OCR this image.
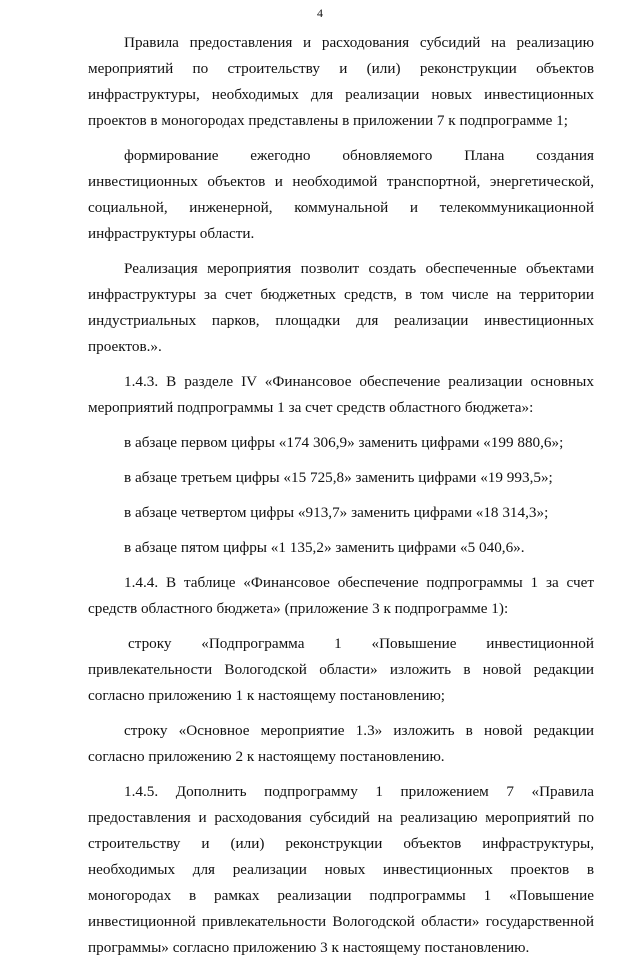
4

Правила предоставления и расходования субсидий на реализацию мероприятий по строительству и (или) реконструкции объектов инфраструктуры, необходимых для реализации новых инвестиционных проектов в моногородах представлены в приложении 7 к подпрограмме 1;

формирование ежегодно обновляемого Плана создания инвестиционных объектов и необходимой транспортной, энергетической, социальной, инженерной, коммунальной и телекоммуникационной инфраструктуры области.

Реализация мероприятия позволит создать обеспеченные объектами инфраструктуры за счет бюджетных средств, в том числе на территории индустриальных парков, площадки для реализации инвестиционных проектов.».

1.4.3. В разделе IV «Финансовое обеспечение реализации основных мероприятий подпрограммы 1 за счет средств областного бюджета»:

в абзаце первом цифры «174 306,9» заменить цифрами «199 880,6»;

в абзаце третьем цифры «15 725,8» заменить цифрами «19 993,5»;

в абзаце четвертом цифры «913,7» заменить цифрами «18 314,3»;

в абзаце пятом цифры «1 135,2» заменить цифрами «5 040,6».

1.4.4. В таблице «Финансовое обеспечение подпрограммы 1 за счет средств областного бюджета» (приложение 3 к подпрограмме 1):

строку «Подпрограмма 1 «Повышение инвестиционной привлекательности Вологодской области» изложить в новой редакции согласно приложению 1 к настоящему постановлению;

строку «Основное мероприятие 1.3» изложить в новой редакции согласно приложению 2 к настоящему постановлению.

1.4.5. Дополнить подпрограмму 1 приложением 7 «Правила предоставления и расходования субсидий на реализацию мероприятий по строительству и (или) реконструкции объектов инфраструктуры, необходимых для реализации новых инвестиционных проектов в моногородах в рамках реализации подпрограммы 1 «Повышение инвестиционной привлекательности Вологодской области» государственной программы» согласно приложению 3 к настоящему постановлению.
